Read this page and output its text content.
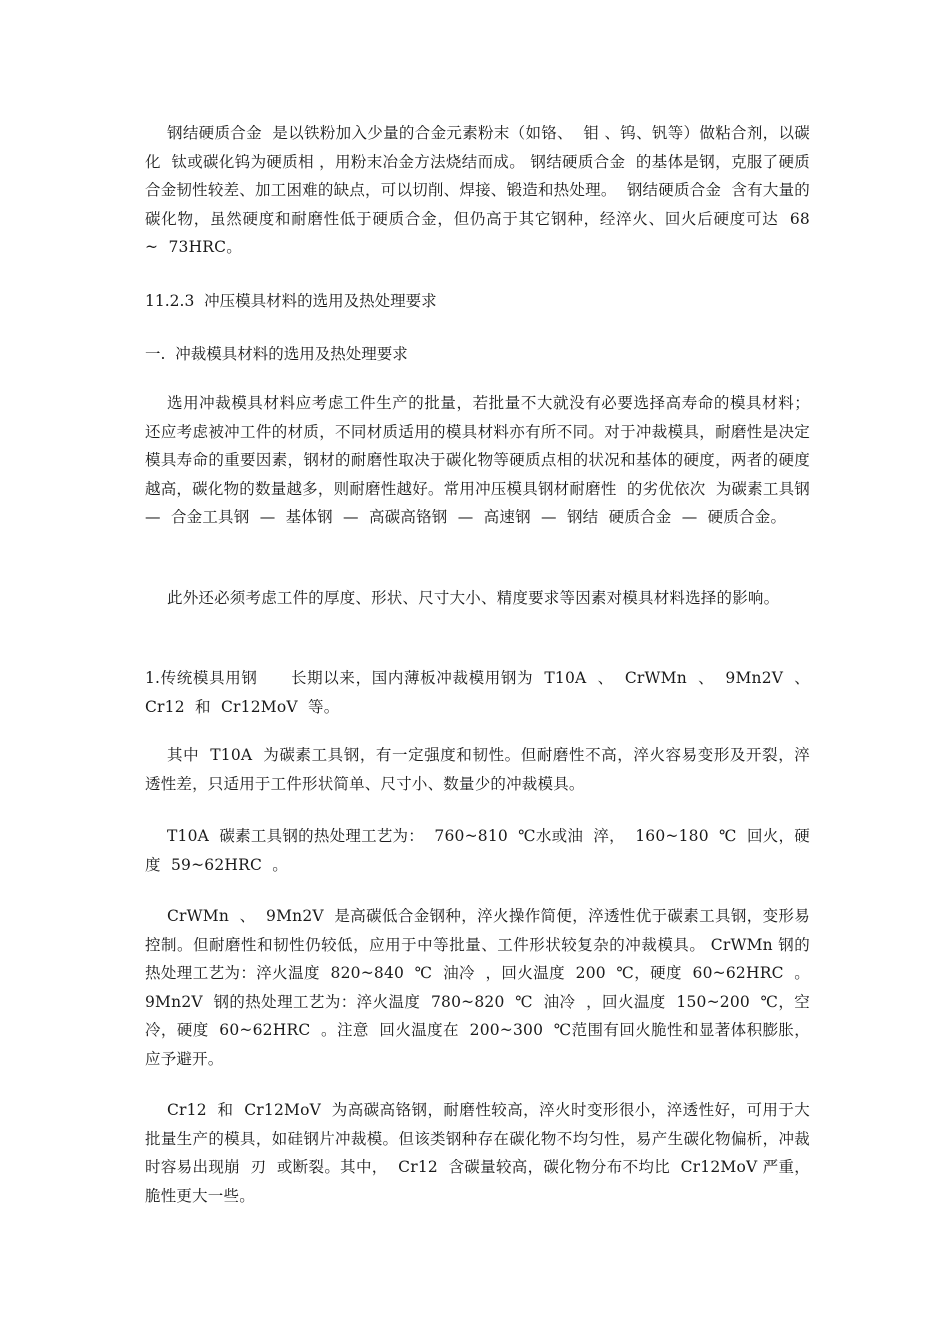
钢结硬质合金  是以铁粉加入少量的合金元素粉末（如铬、  钼 、钨、钒等）做粘合剂，以碳化  钛或碳化钨为硬质相 ，用粉末冶金方法烧结而成。 钢结硬质合金  的基体是钢，克服了硬质合金韧性较差、加工困难的缺点，可以切削、焊接、锻造和热处理。  钢结硬质合金  含有大量的碳化物，虽然硬度和耐磨性低于硬质合金，但仍高于其它钢种，经淬火、回火后硬度可达  68  ~  73HRC。

11.2.3  冲压模具材料的选用及热处理要求

一.  冲裁模具材料的选用及热处理要求

选用冲裁模具材料应考虑工件生产的批量，若批量不大就没有必要选择高寿命的模具材料；还应考虑被冲工件的材质，不同材质适用的模具材料亦有所不同。对于冲裁模具，耐磨性是决定模具寿命的重要因素，钢材的耐磨性取决于碳化物等硬质点相的状况和基体的硬度，两者的硬度越高，碳化物的数量越多，则耐磨性越好。常用冲压模具钢材耐磨性  的劣优依次  为碳素工具钢  —  合金工具钢  —  基体钢  —  高碳高铬钢  —  高速钢  —  钢结  硬质合金  —  硬质合金。

此外还必须考虑工件的厚度、形状、尺寸大小、精度要求等因素对模具材料选择的影响。

1.传统模具用钢      长期以来，国内薄板冲裁模用钢为  T10A  、  CrWMn  、  9Mn2V  、 Cr12  和  Cr12MoV  等。

其中  T10A  为碳素工具钢，有一定强度和韧性。但耐磨性不高，淬火容易变形及开裂，淬透性差，只适用于工件形状简单、尺寸小、数量少的冲裁模具。

T10A  碳素工具钢的热处理工艺为：  760~810  ℃水或油  淬，  160~180  ℃  回火，硬度  59~62HRC  。

CrWMn  、  9Mn2V  是高碳低合金钢种，淬火操作简便，淬透性优于碳素工具钢，变形易控制。但耐磨性和韧性仍较低，应用于中等批量、工件形状较复杂的冲裁模具。 CrWMn 钢的热处理工艺为：淬火温度  820~840  ℃  油冷  ，回火温度  200  ℃，硬度  60~62HRC  。  9Mn2V  钢的热处理工艺为：淬火温度  780~820  ℃  油冷  ，回火温度  150~200  ℃，空冷，硬度  60~62HRC  。注意  回火温度在  200~300  ℃范围有回火脆性和显著体积膨胀，应予避开。

Cr12  和  Cr12MoV  为高碳高铬钢，耐磨性较高，淬火时变形很小，淬透性好，可用于大批量生产的模具，如硅钢片冲裁模。但该类钢种存在碳化物不均匀性，易产生碳化物偏析，冲裁时容易出现崩  刃  或断裂。其中，  Cr12  含碳量较高，碳化物分布不均比  Cr12MoV 严重，脆性更大一些。
